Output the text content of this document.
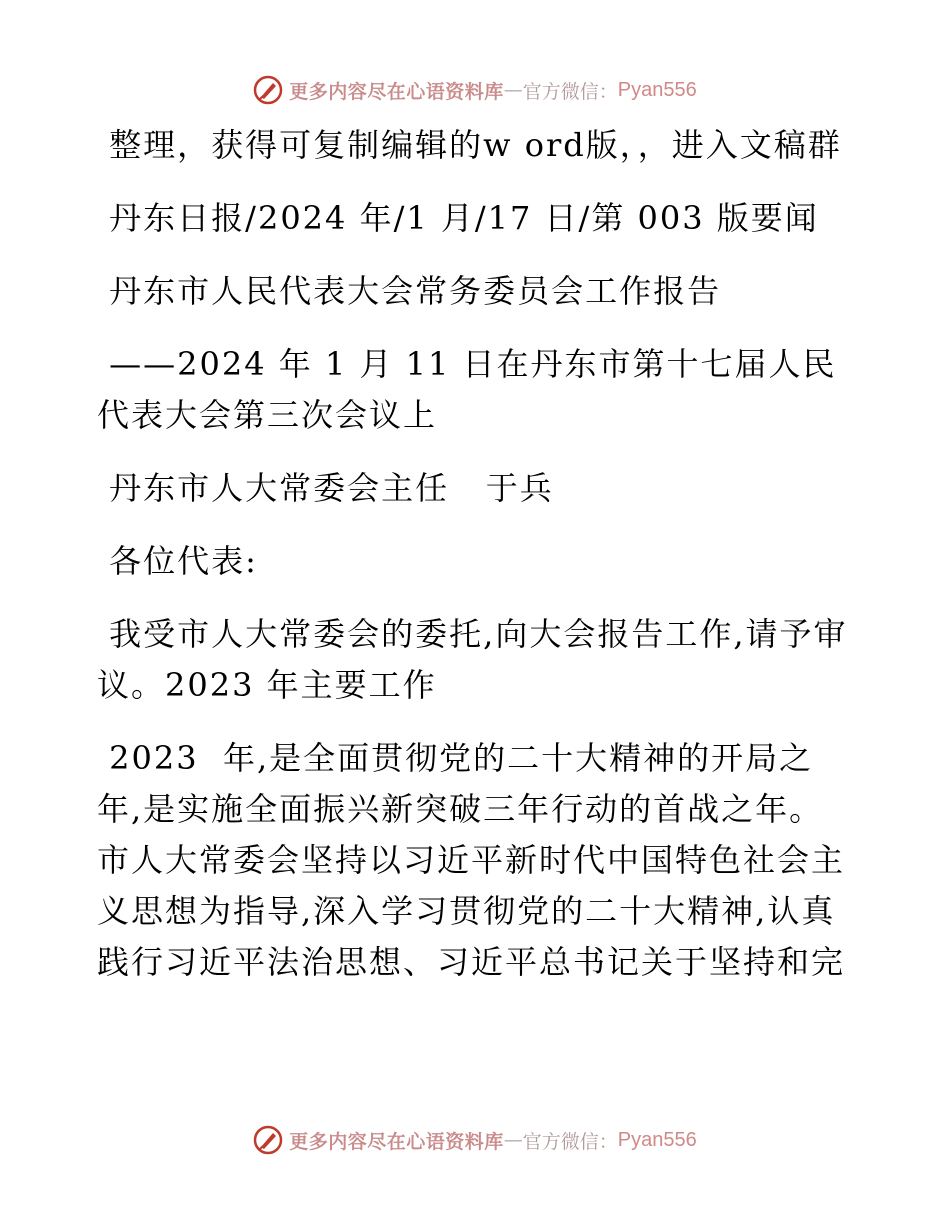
更多内容尽在心语资料库 — 官方微信： Pyan556

整理，获得可复制编辑的w ord版，，进入文稿群

丹东日报/2024 年/1 月/17 日/第 003 版要闻

丹东市人民代表大会常务委员会工作报告

——2024 年 1 月 11 日在丹东市第十七届人民代表大会第三次会议上

丹东市人大常委会主任   于兵

各位代表:

我受市人大常委会的委托,向大会报告工作,请予审议。2023 年主要工作

2023  年,是全面贯彻党的二十大精神的开局之年,是实施全面振兴新突破三年行动的首战之年。市人大常委会坚持以习近平新时代中国特色社会主义思想为指导,深入学习贯彻党的二十大精神,认真践行习近平法治思想、习近平总书记关于坚持和完

更多内容尽在心语资料库 — 官方微信： Pyan556
